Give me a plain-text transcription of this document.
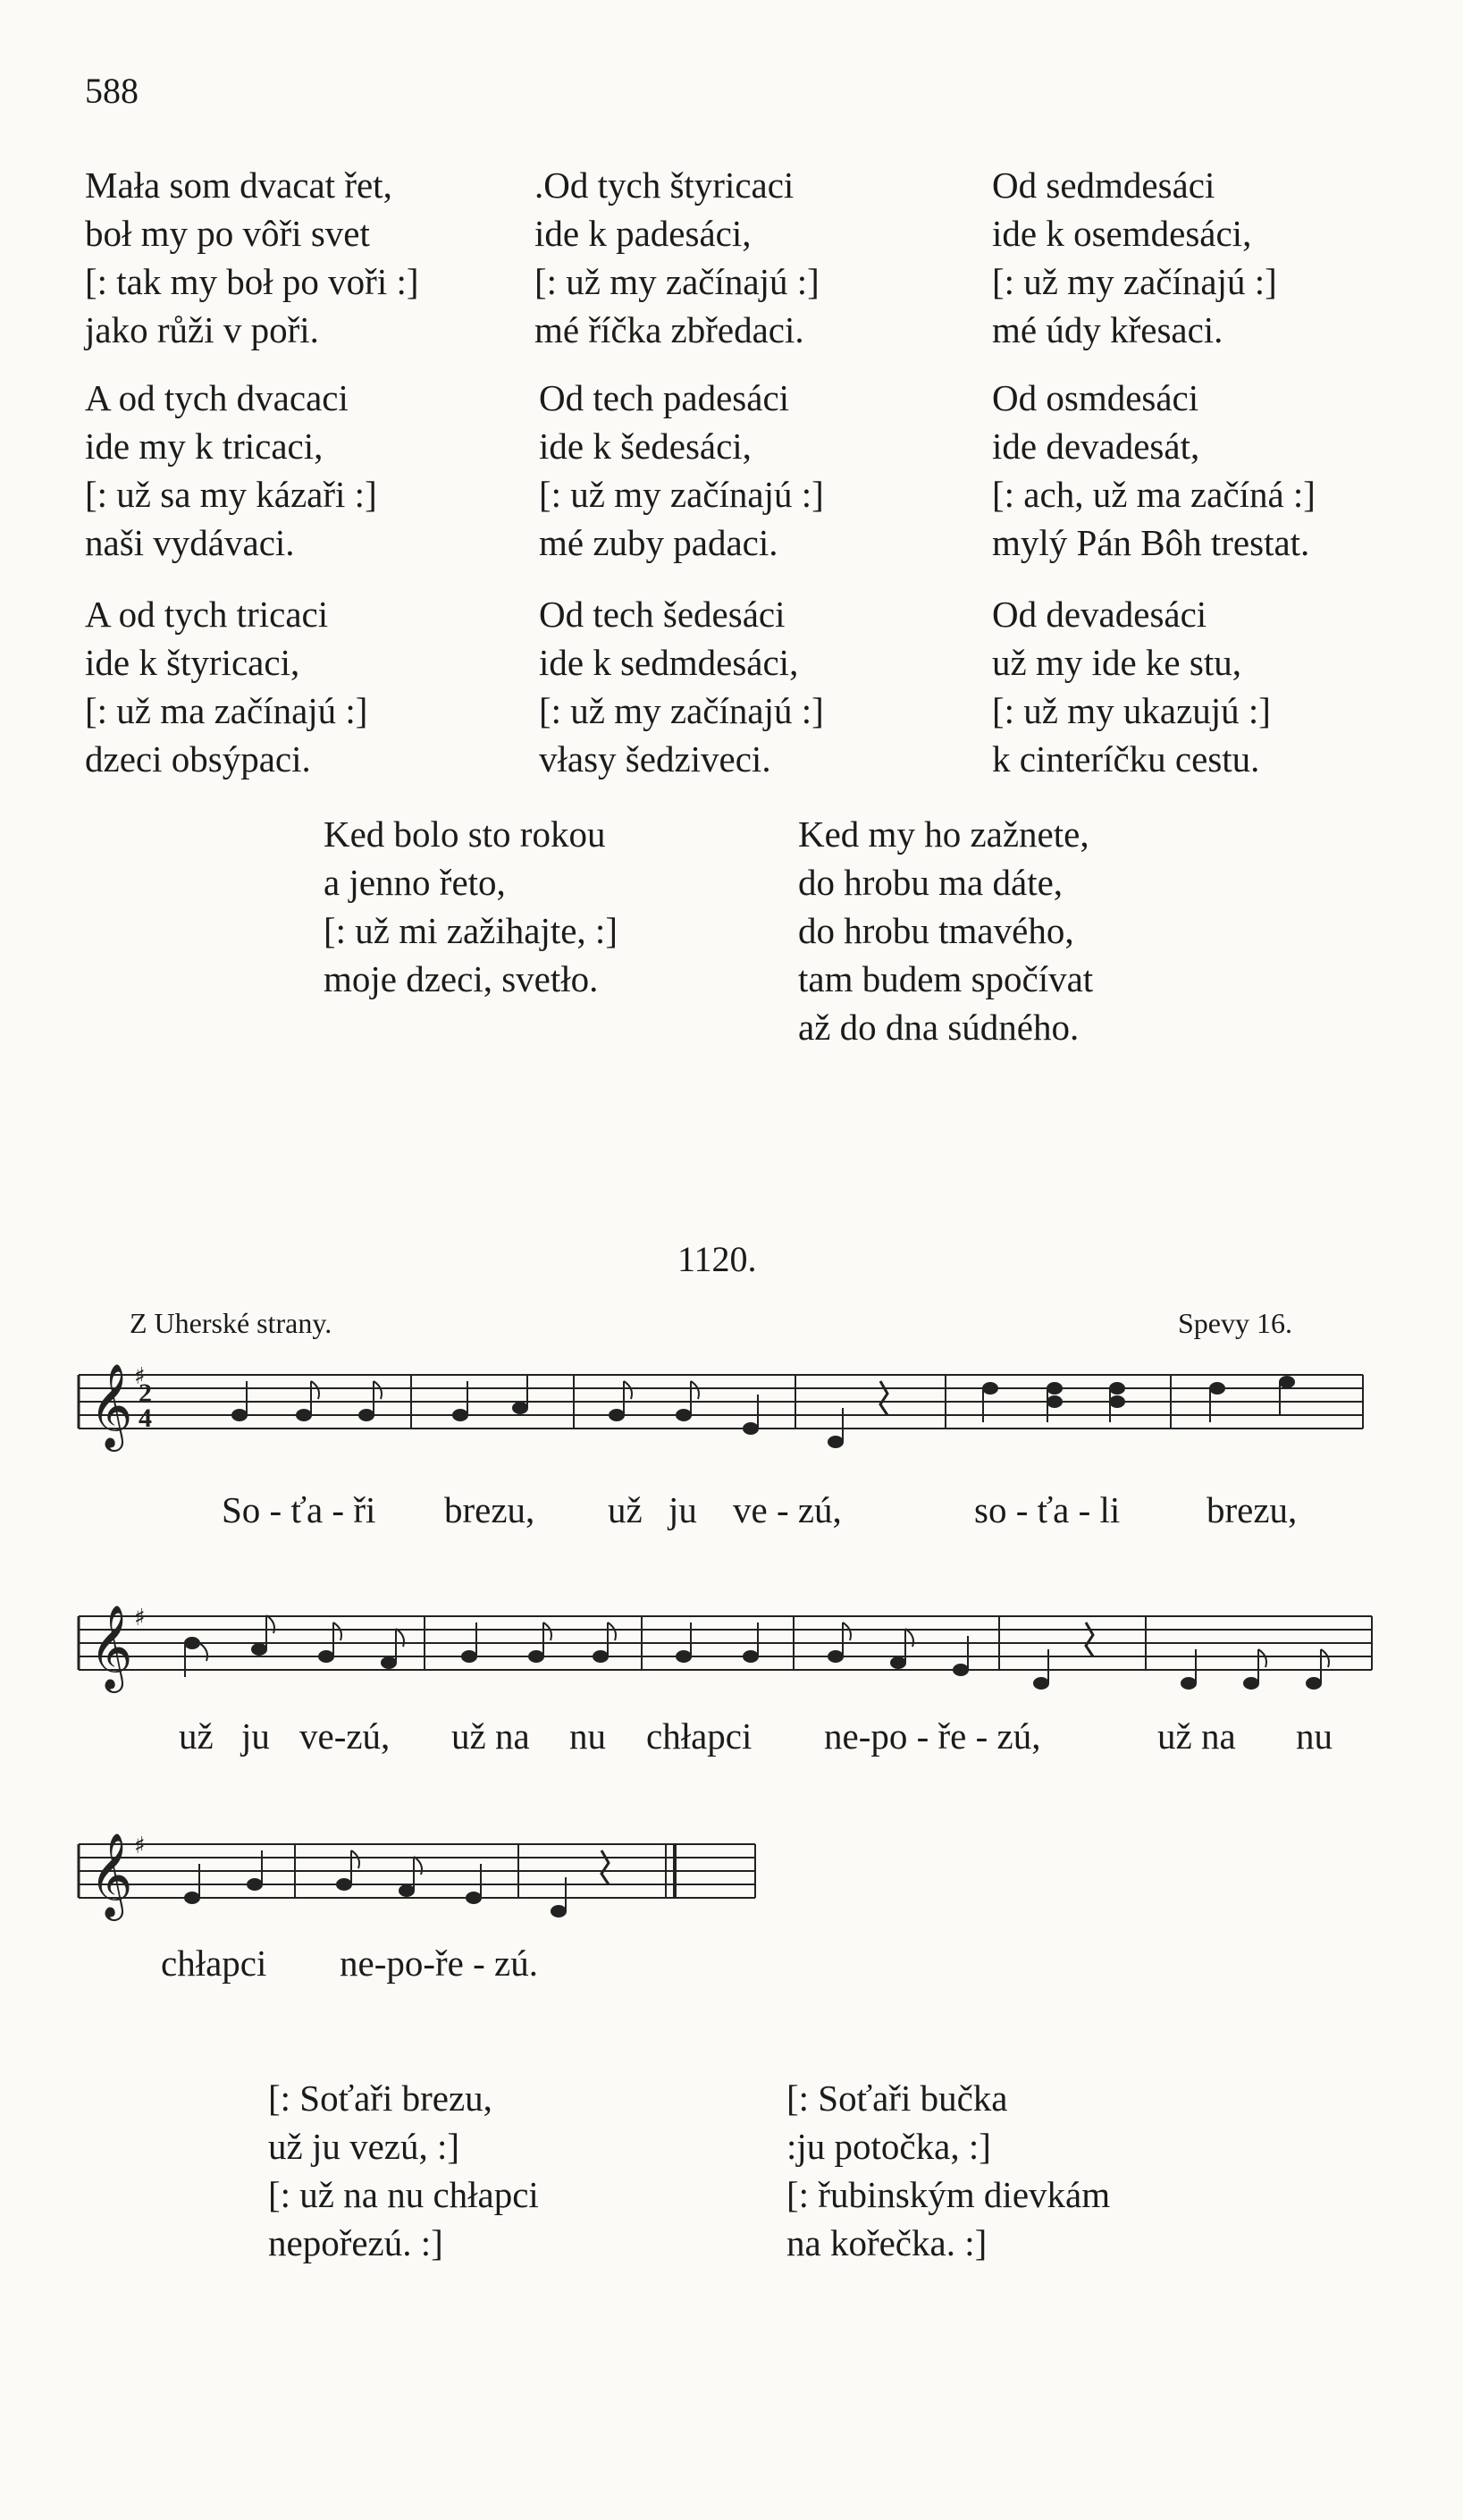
588
Mała som dvacat řet,
boł my po vôři svet
[: tak my boł po voři :]
jako růži v poři.
.Od tych štyricaci
ide k padesáci,
[: už my začínajú :]
mé říčka zbředaci.
Od sedmdesáci
ide k osemdesáci,
[: už my začínajú :]
mé údy křesaci.
A od tych dvacaci
ide my k tricaci,
[: už sa my kázaři :]
naši vydávaci.
Od tech padesáci
ide k šedesáci,
[: už my začínajú :]
mé zuby padaci.
Od osmdesáci
ide devadesát,
[: ach, už ma začíná :]
mylý Pán Bôh trestat.
A od tych tricaci
ide k štyricaci,
[: už ma začínajú :]
dzeci obsýpaci.
Od tech šedesáci
ide k sedmdesáci,
[: už my začínajú :]
vłasy šedziveci.
Od devadesáci
už my ide ke stu,
[: už my ukazujú :]
k cinteríčku cestu.
Ked bolo sto rokou
a jenno řeto,
[: už mi zažihajte, :]
moje dzeci, svetło.
Ked my ho zažnete,
do hrobu ma dáte,
do hrobu tmavého,
tam budem spočívat
až do dna súdného.
1120.
Z Uherské strany.	Spevy 16.
𝄞 2
4
♯
So - ťa - ři brezu, už ju ve - zú,	so - ťa - li brezu,
𝄞 ♯
už ju ve-zú, už na nu chłapci ne-po - ře - zú,	už na nu
𝄞 ♯
chłapci ne-po-ře - zú.
[: Soťaři brezu,
už ju vezú, :]
[: už na nu chłapci
nepořezú. :]
[: Soťaři bučka
:ju potočka, :]
[: řubinským dievkám
na kořečka. :]
